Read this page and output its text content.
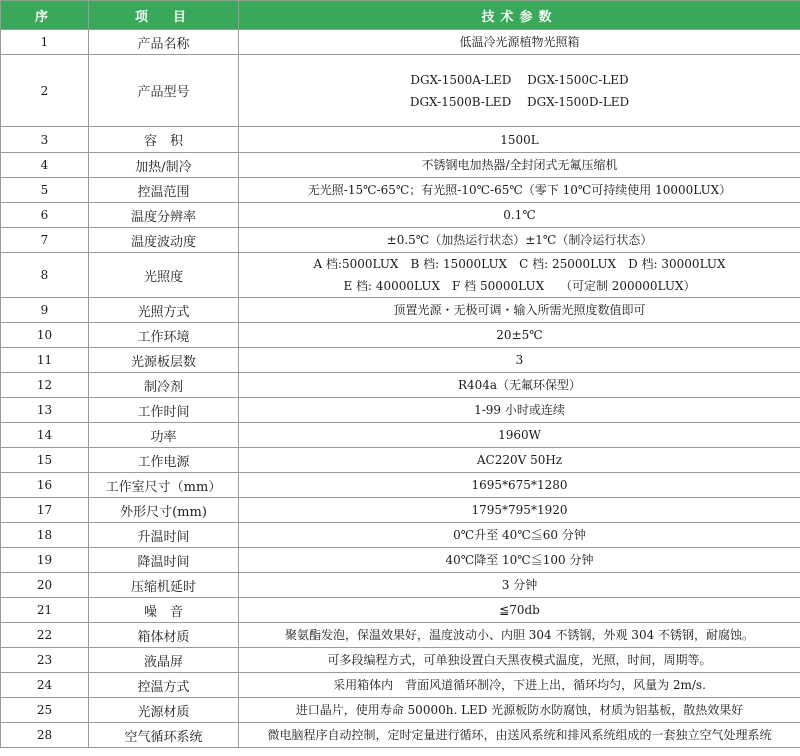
序	项　目	技术参数
1	产品名称	低温冷光源植物光照箱

2	产品型号	DGX-1500A-LED　 DGX-1500C-LED
DGX-1500B-LED　 DGX-1500D-LED

3	容　积	1500L

4	加热/制冷	不锈钢电加热器/全封闭式无氟压缩机

5	控温范围	无光照-15℃-65℃；有光照-10℃-65℃（零下 10℃可持续使用 10000LUX）

6	温度分辨率	0.1℃

7	温度波动度	±0.5℃（加热运行状态）±1℃（制冷运行状态）

8	光照度	A 档:5000LUX　B 档: 15000LUX　C 档: 25000LUX　D 档: 30000LUX
E 档: 40000LUX　F 档 50000LUX　 （可定制 200000LUX）

9	光照方式	顶置光源・无极可调・输入所需光照度数值即可

10	工作环境	20±5℃

11	光源板层数	3

12	制冷剂	R404a（无氟环保型）

13	工作时间	1-99 小时或连续

14	功率	1960W

15	工作电源	AC220V 50Hz

16	工作室尺寸（mm）	1695*675*1280

17	外形尺寸(mm)	1795*795*1920

18	升温时间	0℃升至 40℃≦60 分钟

19	降温时间	40℃降至 10℃≦100 分钟

20	压缩机延时	3 分钟

21	噪　音	≦70db

22	箱体材质	聚氨酯发泡，保温效果好，温度波动小、内胆 304 不锈钢，外观 304 不锈钢，耐腐蚀。

23	液晶屏	可多段编程方式，可单独设置白天黑夜模式温度，光照，时间，周期等。

24	控温方式	采用箱体内　背面风道循环制冷，下进上出，循环均匀，风量为 2m/s.

25	光源材质	进口晶片，使用寿命 50000h. LED 光源板防水防腐蚀，材质为铝基板，散热效果好

28	空气循环系统	微电脑程序自动控制，定时定量进行循环，由送风系统和排风系统组成的一套独立空气处理系统
